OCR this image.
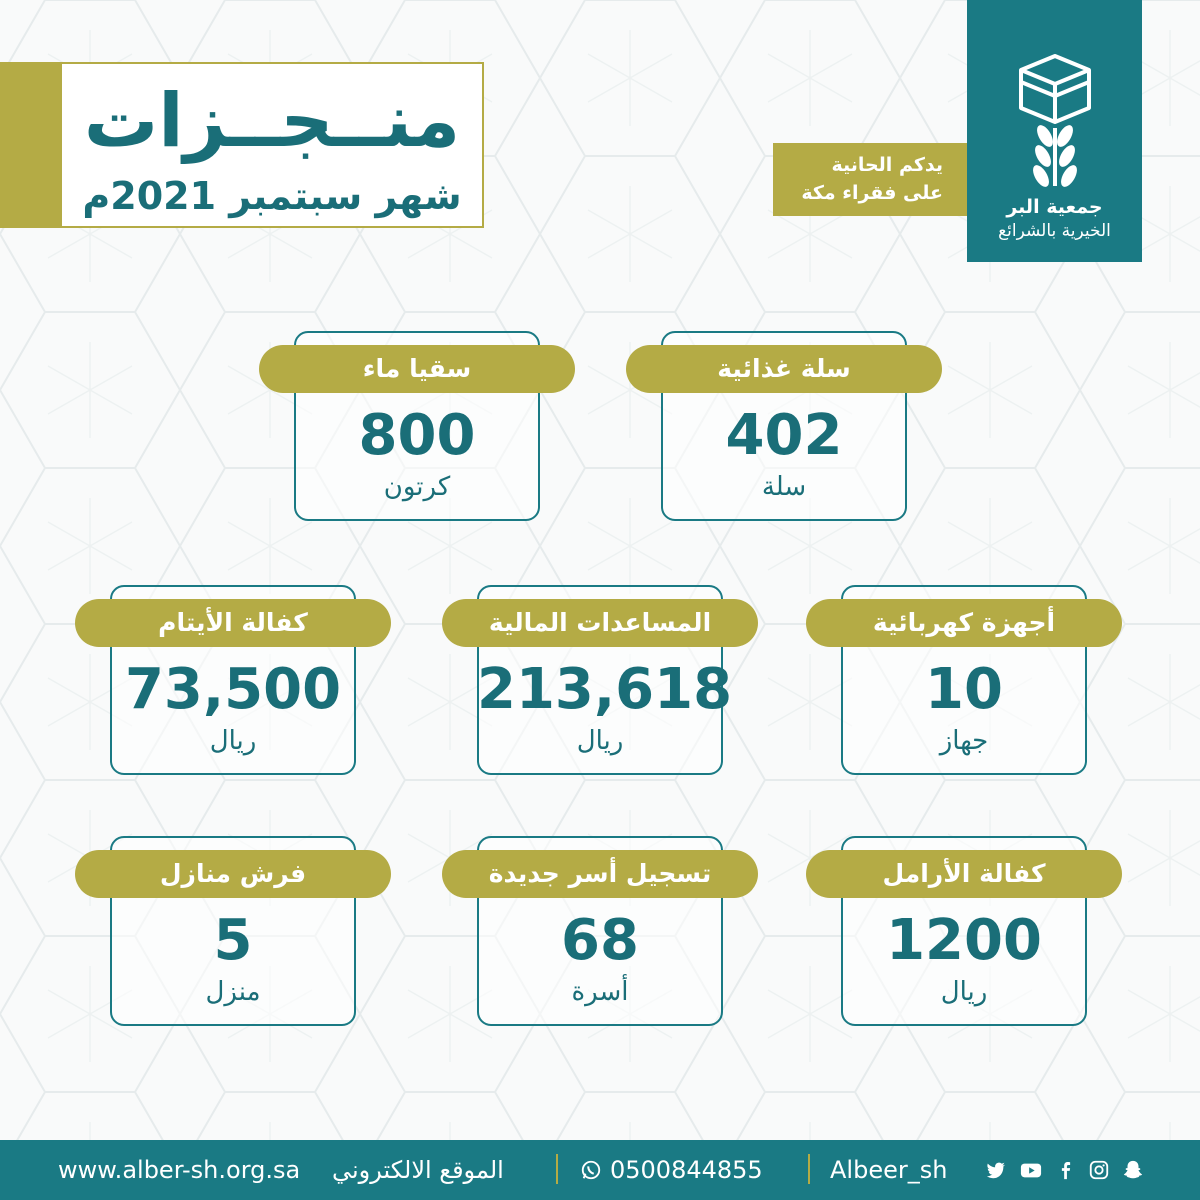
منــجــزات
شهر سبتمبر 2021م
يدكم الحانية
على فقراء مكة
جمعية البر
الخيرية بالشرائع
سلة غذائية
402
سلة
سقيا ماء
800
كرتون
أجهزة كهربائية
10
جهاز
المساعدات المالية
213,618
ريال
كفالة الأيتام
73,500
ريال
كفالة الأرامل
1200
ريال
تسجيل أسر جديدة
68
أسرة
فرش منازل
5
منزل
www.alber-sh.org.sa الموقع الالكتروني	0500844855	Albeer_sh
